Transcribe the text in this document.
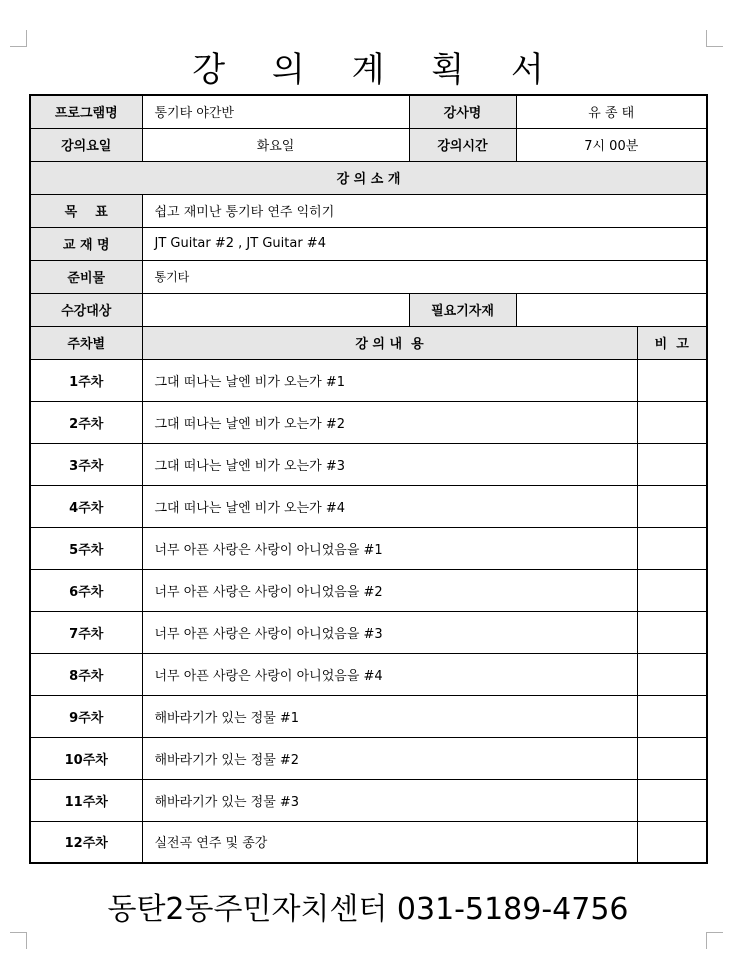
강 의 계 획 서
프로그램명	통기타 야간반	강사명	유 종 태	
강의요일	화요일	강의시간	7시 00분	
강 의 소 개				
목    표	쉽고 재미난 통기타 연주 익히기			
교 재 명	JT Guitar #2 , JT Guitar #4			
준비물	통기타			
수강대상		필요기자재		
주차별	강 의 내  용			비  고
1주차	그대 떠나는 날엔 비가 오는가 #1			
2주차	그대 떠나는 날엔 비가 오는가 #2			
3주차	그대 떠나는 날엔 비가 오는가 #3			
4주차	그대 떠나는 날엔 비가 오는가 #4			
5주차	너무 아픈 사랑은 사랑이 아니었음을 #1			
6주차	너무 아픈 사랑은 사랑이 아니었음을 #2			
7주차	너무 아픈 사랑은 사랑이 아니었음을 #3			
8주차	너무 아픈 사랑은 사랑이 아니었음을 #4			
9주차	해바라기가 있는 정물 #1			
10주차	해바라기가 있는 정물 #2			
11주차	해바라기가 있는 정물 #3			
12주차	실전곡 연주 및 종강			
동탄2동주민자치센터 031-5189-4756
